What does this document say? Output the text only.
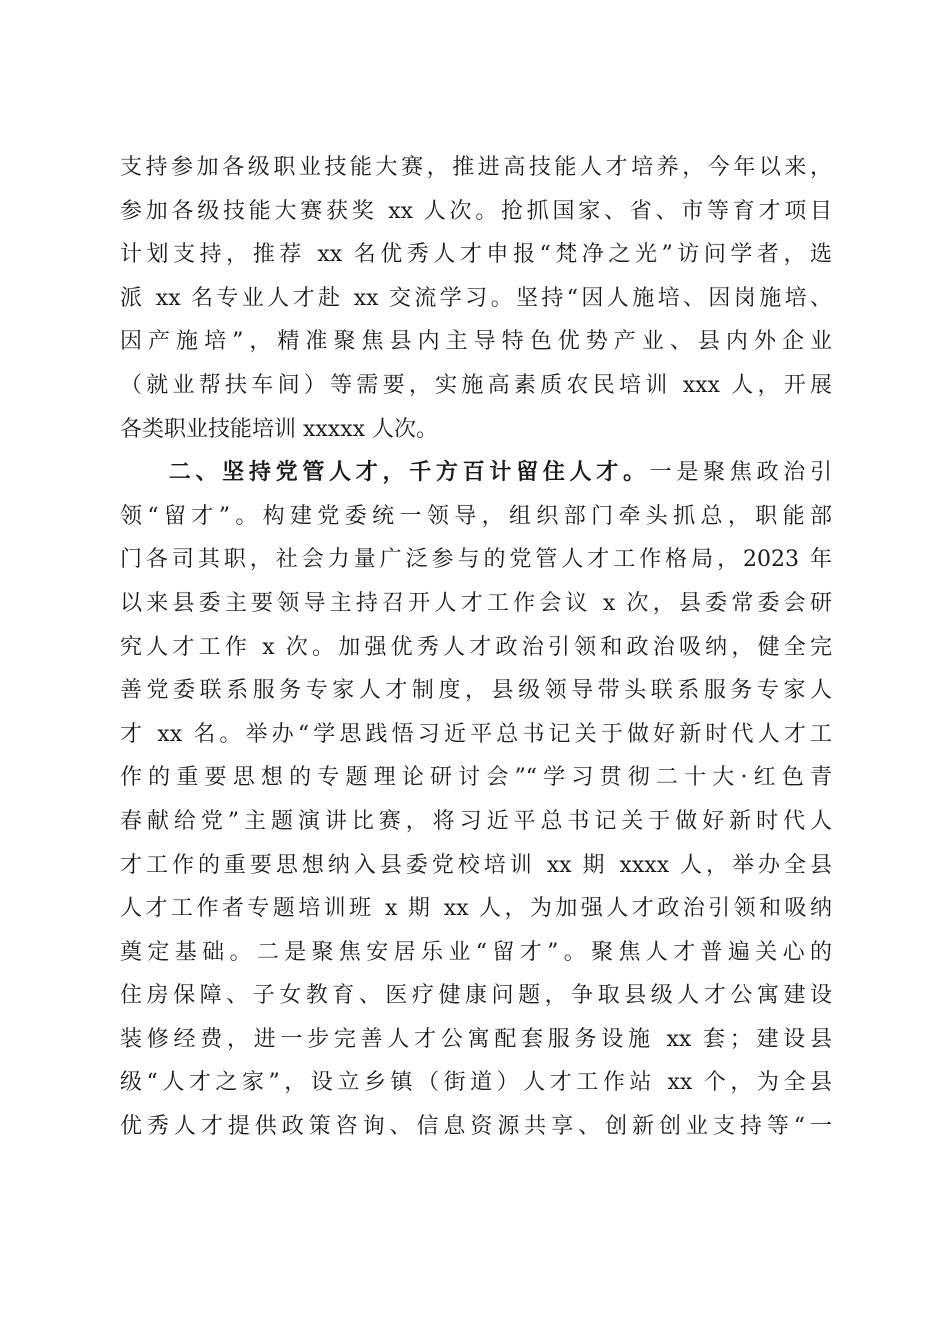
支持参加各级职业技能大赛，推进高技能人才培养，今年以来，
参加各级技能大赛获奖 xx 人次。抢抓国家、省、市等育才项目
计划支持，推荐 xx 名优秀人才申报“梵净之光”访问学者，选
派 xx 名专业人才赴 xx 交流学习。坚持“因人施培、因岗施培、
因产施培”，精准聚焦县内主导特色优势产业、县内外企业
（就业帮扶车间）等需要，实施高素质农民培训 xxx 人，开展
各类职业技能培训 xxxxx 人次。
二、坚持党管人才，千方百计留住人才。一是聚焦政治引
领“留才”。构建党委统一领导，组织部门牵头抓总，职能部
门各司其职，社会力量广泛参与的党管人才工作格局，2023 年
以来县委主要领导主持召开人才工作会议 x 次，县委常委会研
究人才工作 x 次。加强优秀人才政治引领和政治吸纳，健全完
善党委联系服务专家人才制度，县级领导带头联系服务专家人
才 xx 名。举办“学思践悟习近平总书记关于做好新时代人才工
作的重要思想的专题理论研讨会”“学习贯彻二十大·红色青
春献给党”主题演讲比赛，将习近平总书记关于做好新时代人
才工作的重要思想纳入县委党校培训 xx 期 xxxx 人，举办全县
人才工作者专题培训班 x 期 xx 人，为加强人才政治引领和吸纳
奠定基础。二是聚焦安居乐业“留才”。聚焦人才普遍关心的
住房保障、子女教育、医疗健康问题，争取县级人才公寓建设
装修经费，进一步完善人才公寓配套服务设施 xx 套；建设县
级“人才之家”，设立乡镇（街道）人才工作站 xx 个，为全县
优秀人才提供政策咨询、信息资源共享、创新创业支持等“一
